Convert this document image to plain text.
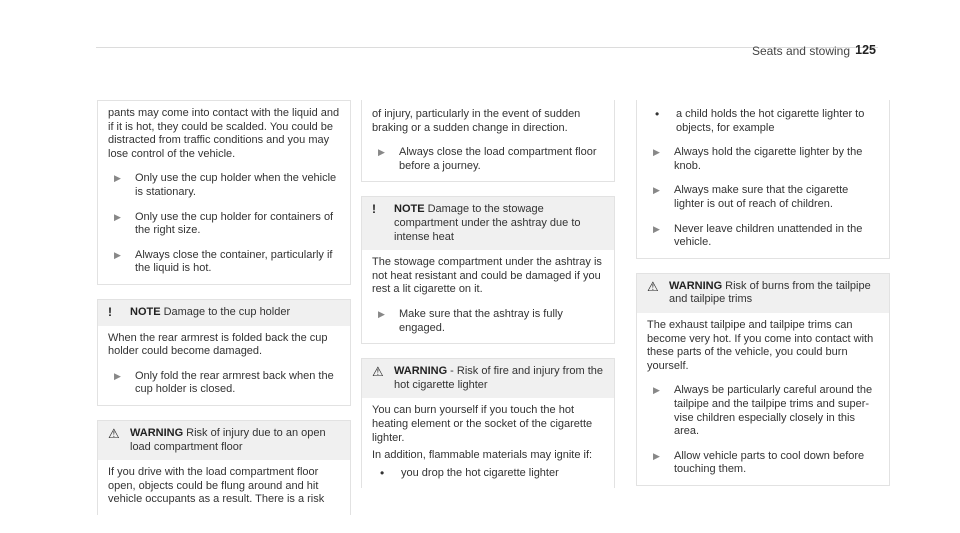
Seats and stowing 125

pants may come into contact with the liquid and if it is hot, they could be scalded. You could be distracted from traffic conditions and you may lose control of the vehicle.

▶	Only use the cup holder when the vehicle is stationary.
▶	Only use the cup holder for containers of the right size.
▶	Always close the container, particularly if the liquid is hot.
!	NOTE Damage to the cup holder

When the rear armrest is folded back the cup holder could become damaged.

▶	Only fold the rear armrest back when the cup holder is closed.
⚠ WARNING Risk of injury due to an open load compartment floor

If you drive with the load compartment floor open, objects could be flung around and hit vehicle occupants as a result. There is a risk

of injury, particularly in the event of sudden braking or a sudden change in direction.

▶	Always close the load compartment floor before a journey.
!	NOTE Damage to the stowage compartment under the ashtray due to intense heat

The stowage compartment under the ashtray is not heat resistant and could be damaged if you rest a lit cigarette on it.

▶	Make sure that the ashtray is fully engaged.
⚠ WARNING - Risk of fire and injury from the hot cigarette lighter

You can burn yourself if you touch the hot heating element or the socket of the cigarette lighter.

In addition, flammable materials may ignite if:

•	you drop the hot cigarette lighter
•	a child holds the hot cigarette lighter to objects, for example
▶	Always hold the cigarette lighter by the knob.
▶	Always make sure that the cigarette lighter is out of reach of children.
▶	Never leave children unattended in the vehicle.
⚠ WARNING Risk of burns from the tailpipe and tailpipe trims

The exhaust tailpipe and tailpipe trims can become very hot. If you come into contact with these parts of the vehicle, you could burn yourself.

▶	Always be particularly careful around the tailpipe and the tailpipe trims and super-vise children especially closely in this area.
▶	Allow vehicle parts to cool down before touching them.
